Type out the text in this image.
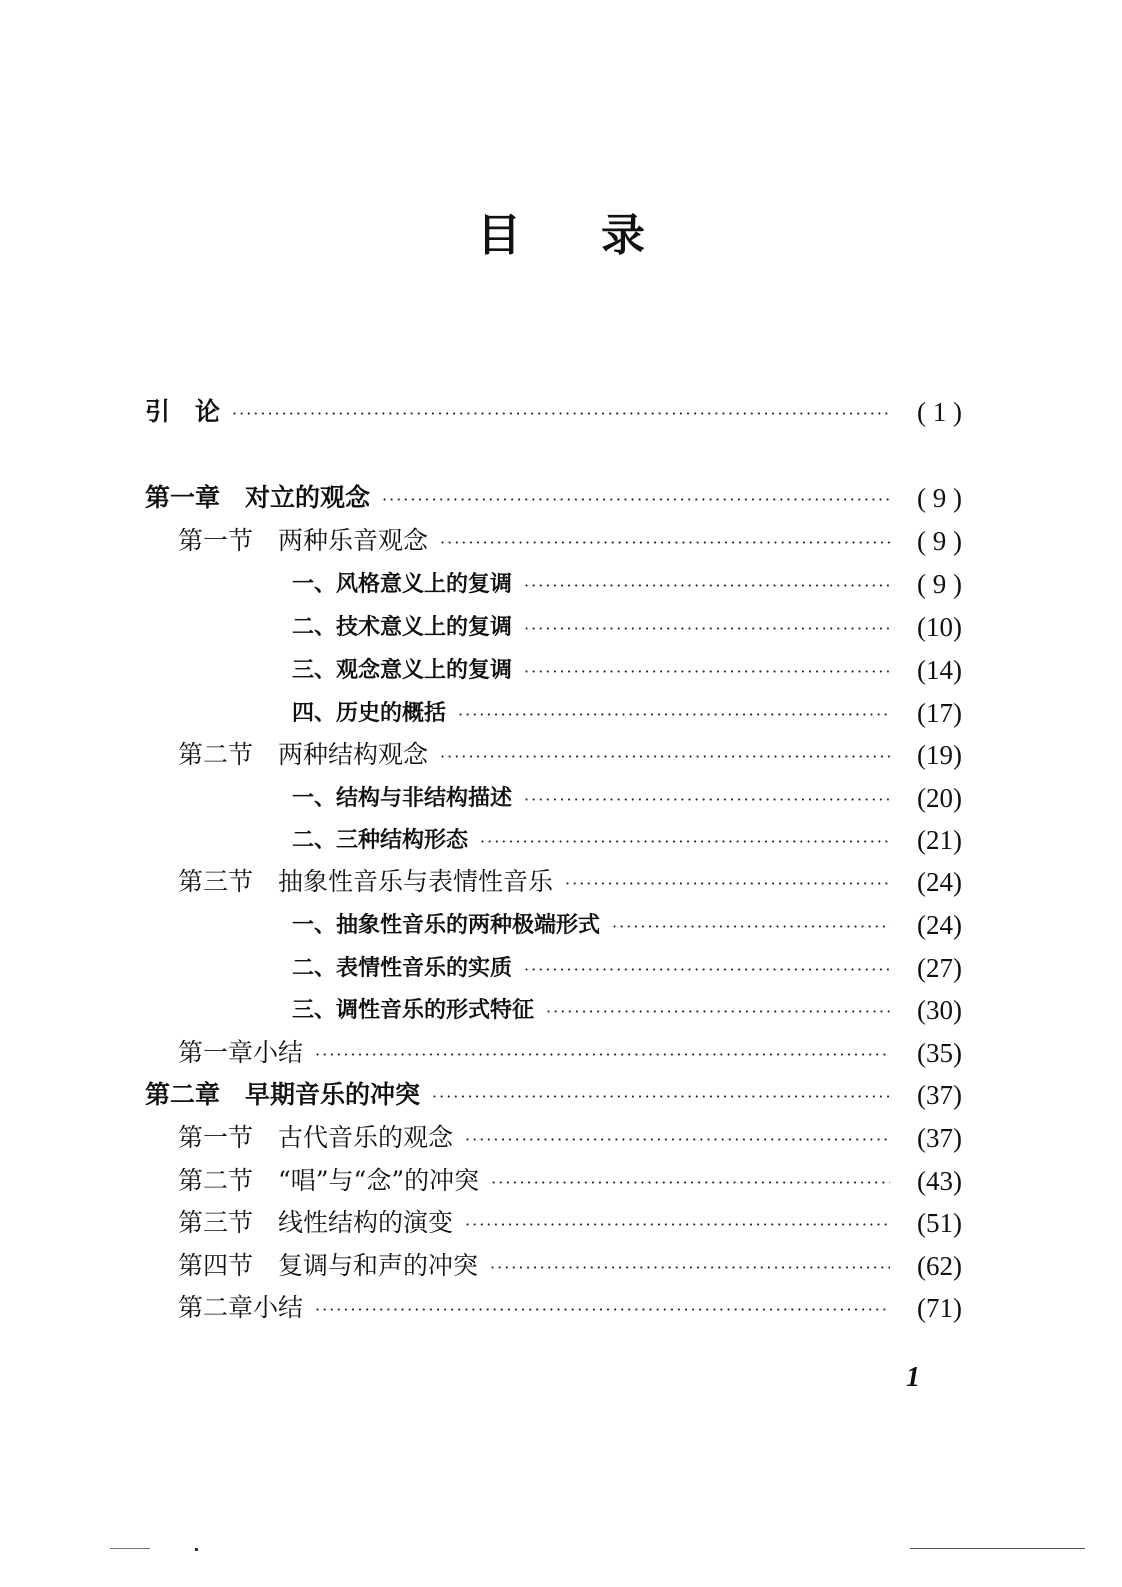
目录
引　论 ·····	( 1 )
第一章　对立的观念 ·····	( 9 )
第一节　两种乐音观念 ·····	( 9 )
一、风格意义上的复调 ·····	( 9 )
二、技术意义上的复调 ·····	(10)
三、观念意义上的复调 ·····	(14)
四、历史的概括 ·····	(17)
第二节　两种结构观念 ·····	(19)
一、结构与非结构描述 ·····	(20)
二、三种结构形态 ·····	(21)
第三节　抽象性音乐与表情性音乐 ·····	(24)
一、抽象性音乐的两种极端形式 ·····	(24)
二、表情性音乐的实质 ·····	(27)
三、调性音乐的形式特征 ·····	(30)
第一章小结 ·····	(35)
第二章　早期音乐的冲突 ·····	(37)
第一节　古代音乐的观念 ·····	(37)
第二节　“唱”与“念”的冲突 ·····	(43)
第三节　线性结构的演变 ·····	(51)
第四节　复调与和声的冲突 ·····	(62)
第二章小结 ·····	(71)
1
